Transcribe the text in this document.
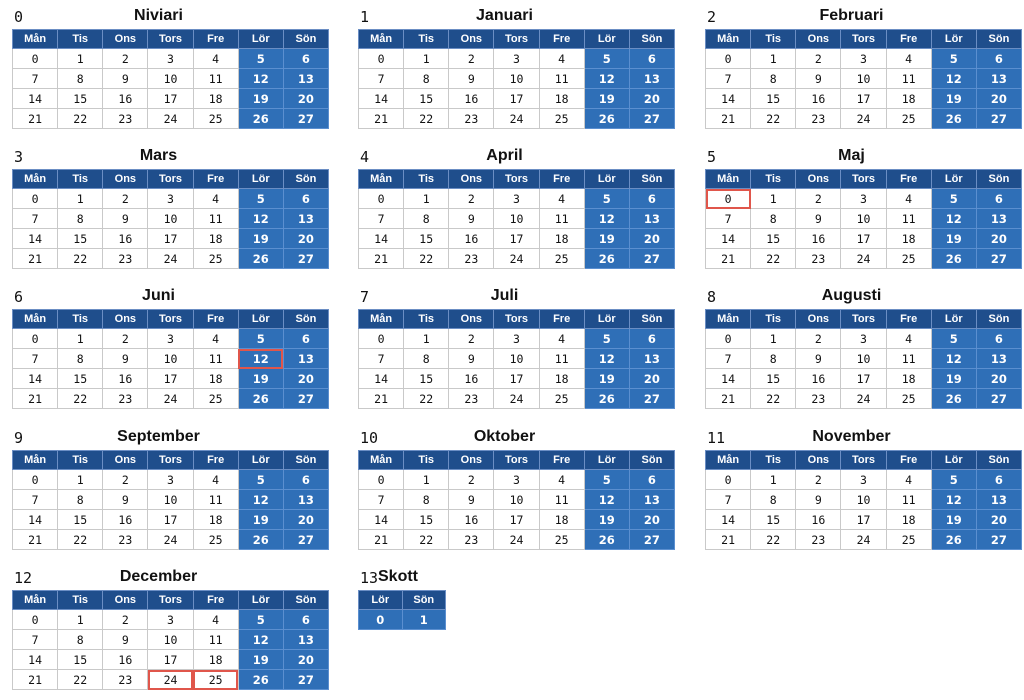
0	Niviari
Mån	Tis	Ons	Tors	Fre	Lör	Sön
0	1	2	3	4	5	6
7	8	9	10	11	12	13
14	15	16	17	18	19	20
21	22	23	24	25	26	27
1	Januari
Mån	Tis	Ons	Tors	Fre	Lör	Sön
0	1	2	3	4	5	6
7	8	9	10	11	12	13
14	15	16	17	18	19	20
21	22	23	24	25	26	27
2	Februari
Mån	Tis	Ons	Tors	Fre	Lör	Sön
0	1	2	3	4	5	6
7	8	9	10	11	12	13
14	15	16	17	18	19	20
21	22	23	24	25	26	27
3	Mars
Mån	Tis	Ons	Tors	Fre	Lör	Sön
0	1	2	3	4	5	6
7	8	9	10	11	12	13
14	15	16	17	18	19	20
21	22	23	24	25	26	27
4	April
Mån	Tis	Ons	Tors	Fre	Lör	Sön
0	1	2	3	4	5	6
7	8	9	10	11	12	13
14	15	16	17	18	19	20
21	22	23	24	25	26	27
5	Maj
Mån	Tis	Ons	Tors	Fre	Lör	Sön
0	1	2	3	4	5	6
7	8	9	10	11	12	13
14	15	16	17	18	19	20
21	22	23	24	25	26	27
6	Juni
Mån	Tis	Ons	Tors	Fre	Lör	Sön
0	1	2	3	4	5	6
7	8	9	10	11	12	13
14	15	16	17	18	19	20
21	22	23	24	25	26	27
7	Juli
Mån	Tis	Ons	Tors	Fre	Lör	Sön
0	1	2	3	4	5	6
7	8	9	10	11	12	13
14	15	16	17	18	19	20
21	22	23	24	25	26	27
8	Augusti
Mån	Tis	Ons	Tors	Fre	Lör	Sön
0	1	2	3	4	5	6
7	8	9	10	11	12	13
14	15	16	17	18	19	20
21	22	23	24	25	26	27
9	September
Mån	Tis	Ons	Tors	Fre	Lör	Sön
0	1	2	3	4	5	6
7	8	9	10	11	12	13
14	15	16	17	18	19	20
21	22	23	24	25	26	27
10	Oktober
Mån	Tis	Ons	Tors	Fre	Lör	Sön
0	1	2	3	4	5	6
7	8	9	10	11	12	13
14	15	16	17	18	19	20
21	22	23	24	25	26	27
11	November
Mån	Tis	Ons	Tors	Fre	Lör	Sön
0	1	2	3	4	5	6
7	8	9	10	11	12	13
14	15	16	17	18	19	20
21	22	23	24	25	26	27
12	December
Mån	Tis	Ons	Tors	Fre	Lör	Sön
0	1	2	3	4	5	6
7	8	9	10	11	12	13
14	15	16	17	18	19	20
21	22	23	24	25	26	27
13 Skott
Lör	Sön
0	1
